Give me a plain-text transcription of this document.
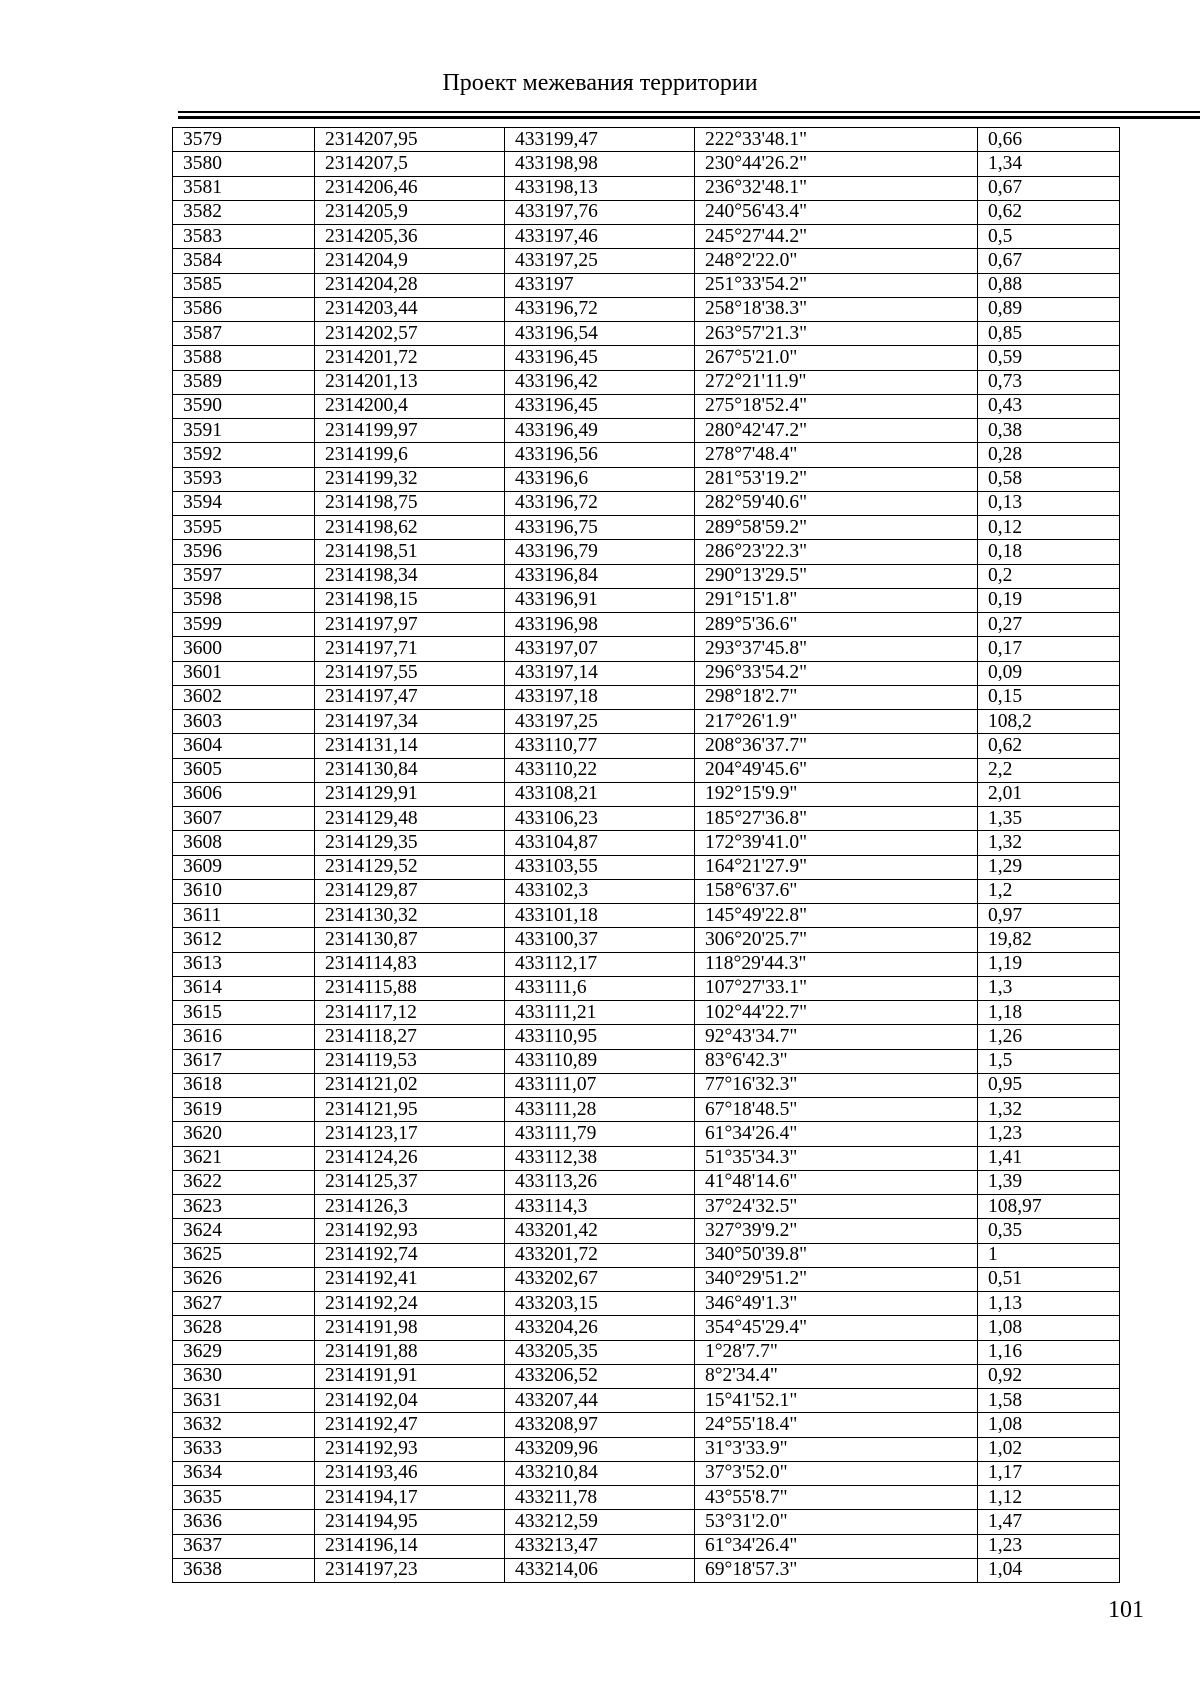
Проект межевания территории
3579	2314207,95	433199,47	222°33'48.1"	0,66
3580	2314207,5	433198,98	230°44'26.2"	1,34
3581	2314206,46	433198,13	236°32'48.1"	0,67
3582	2314205,9	433197,76	240°56'43.4"	0,62
3583	2314205,36	433197,46	245°27'44.2"	0,5
3584	2314204,9	433197,25	248°2'22.0"	0,67
3585	2314204,28	433197	251°33'54.2"	0,88
3586	2314203,44	433196,72	258°18'38.3"	0,89
3587	2314202,57	433196,54	263°57'21.3"	0,85
3588	2314201,72	433196,45	267°5'21.0"	0,59
3589	2314201,13	433196,42	272°21'11.9"	0,73
3590	2314200,4	433196,45	275°18'52.4"	0,43
3591	2314199,97	433196,49	280°42'47.2"	0,38
3592	2314199,6	433196,56	278°7'48.4"	0,28
3593	2314199,32	433196,6	281°53'19.2"	0,58
3594	2314198,75	433196,72	282°59'40.6"	0,13
3595	2314198,62	433196,75	289°58'59.2"	0,12
3596	2314198,51	433196,79	286°23'22.3"	0,18
3597	2314198,34	433196,84	290°13'29.5"	0,2
3598	2314198,15	433196,91	291°15'1.8"	0,19
3599	2314197,97	433196,98	289°5'36.6"	0,27
3600	2314197,71	433197,07	293°37'45.8"	0,17
3601	2314197,55	433197,14	296°33'54.2"	0,09
3602	2314197,47	433197,18	298°18'2.7"	0,15
3603	2314197,34	433197,25	217°26'1.9"	108,2
3604	2314131,14	433110,77	208°36'37.7"	0,62
3605	2314130,84	433110,22	204°49'45.6"	2,2
3606	2314129,91	433108,21	192°15'9.9"	2,01
3607	2314129,48	433106,23	185°27'36.8"	1,35
3608	2314129,35	433104,87	172°39'41.0"	1,32
3609	2314129,52	433103,55	164°21'27.9"	1,29
3610	2314129,87	433102,3	158°6'37.6"	1,2
3611	2314130,32	433101,18	145°49'22.8"	0,97
3612	2314130,87	433100,37	306°20'25.7"	19,82
3613	2314114,83	433112,17	118°29'44.3"	1,19
3614	2314115,88	433111,6	107°27'33.1"	1,3
3615	2314117,12	433111,21	102°44'22.7"	1,18
3616	2314118,27	433110,95	92°43'34.7"	1,26
3617	2314119,53	433110,89	83°6'42.3"	1,5
3618	2314121,02	433111,07	77°16'32.3"	0,95
3619	2314121,95	433111,28	67°18'48.5"	1,32
3620	2314123,17	433111,79	61°34'26.4"	1,23
3621	2314124,26	433112,38	51°35'34.3"	1,41
3622	2314125,37	433113,26	41°48'14.6"	1,39
3623	2314126,3	433114,3	37°24'32.5"	108,97
3624	2314192,93	433201,42	327°39'9.2"	0,35
3625	2314192,74	433201,72	340°50'39.8"	1
3626	2314192,41	433202,67	340°29'51.2"	0,51
3627	2314192,24	433203,15	346°49'1.3"	1,13
3628	2314191,98	433204,26	354°45'29.4"	1,08
3629	2314191,88	433205,35	1°28'7.7"	1,16
3630	2314191,91	433206,52	8°2'34.4"	0,92
3631	2314192,04	433207,44	15°41'52.1"	1,58
3632	2314192,47	433208,97	24°55'18.4"	1,08
3633	2314192,93	433209,96	31°3'33.9"	1,02
3634	2314193,46	433210,84	37°3'52.0"	1,17
3635	2314194,17	433211,78	43°55'8.7"	1,12
3636	2314194,95	433212,59	53°31'2.0"	1,47
3637	2314196,14	433213,47	61°34'26.4"	1,23
3638	2314197,23	433214,06	69°18'57.3"	1,04
101
